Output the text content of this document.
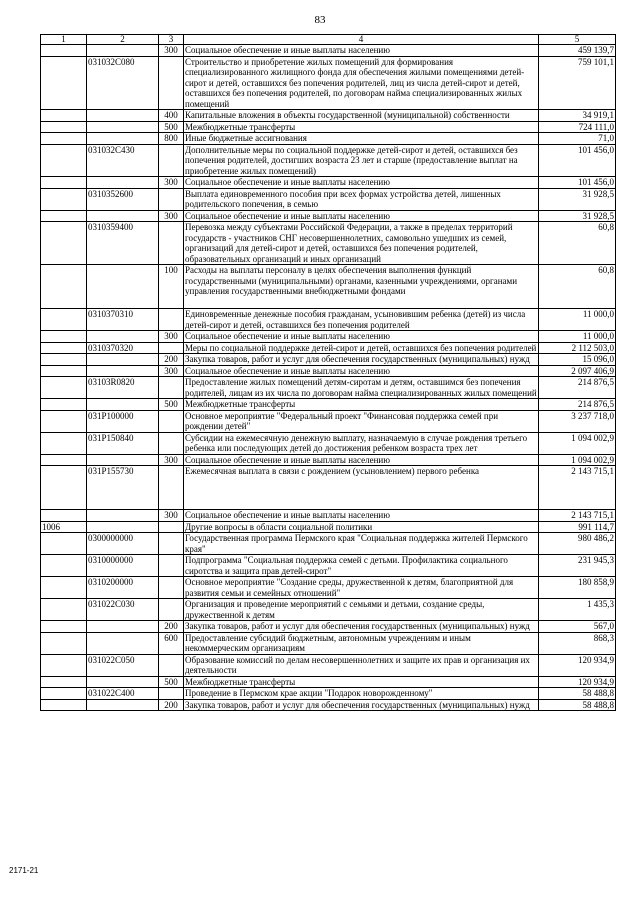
83
1	2	3	4	5
		300	Социальное обеспечение и иные выплаты населению	459 139,7
	031032С080		Строительство и приобретение жилых помещений для формирования специализированного жилищного фонда для обеспечения жилыми помещениями детей-сирот и детей, оставшихся без попечения родителей, лиц из числа детей-сирот и детей, оставшихся без попечения родителей, по договорам найма специализированных жилых помещений	759 101,1
		400	Капитальные вложения в объекты государственной (муниципальной) собственности	34 919,1
		500	Межбюджетные трансферты	724 111,0
		800	Иные бюджетные ассигнования	71,0
	031032С430		Дополнительные меры по социальной поддержке детей-сирот и детей, оставшихся без попечения родителей, достигших возраста 23 лет и старше (предоставление выплат на приобретение жилых помещений)	101 456,0
		300	Социальное обеспечение и иные выплаты населению	101 456,0
	0310352600		Выплата единовременного пособия при всех формах устройства детей, лишенных родительского попечения, в семью	31 928,5
		300	Социальное обеспечение и иные выплаты населению	31 928,5
	0310359400		Перевозка между субъектами Российской Федерации, а также в пределах территорий государств - участников СНГ несовершеннолетних, самовольно ушедших из семей, организаций для детей-сирот и детей, оставшихся без попечения родителей, образовательных организаций и иных организаций	60,8
		100	Расходы на выплаты персоналу в целях обеспечения выполнения функций государственными (муниципальными) органами, казенными учреждениями, органами управления государственными внебюджетными фондами	60,8
	0310370310		Единовременные денежные пособия гражданам, усыновившим ребенка (детей) из числа детей-сирот и детей, оставшихся без попечения родителей	11 000,0
		300	Социальное обеспечение и иные выплаты населению	11 000,0
	0310370320		Меры по социальной поддержке детей-сирот и детей, оставшихся без попечения родителей	2 112 503,0
		200	Закупка товаров, работ и услуг для обеспечения государственных (муниципальных) нужд	15 096,0
		300	Социальное обеспечение и иные выплаты населению	2 097 406,9
	03103R0820		Предоставление жилых помещений детям-сиротам и детям, оставшимся без попечения родителей, лицам из их числа по договорам найма специализированных жилых помещений	214 876,5
		500	Межбюджетные трансферты	214 876,5
	031Р100000		Основное мероприятие "Федеральный проект "Финансовая поддержка семей при рождении детей"	3 237 718,0
	031Р150840		Субсидии на ежемесячную денежную выплату, назначаемую в случае рождения третьего ребенка или последующих детей до достижения ребенком возраста трех лет	1 094 002,9
		300	Социальное обеспечение и иные выплаты населению	1 094 002,9
	031Р155730		Ежемесячная выплата в связи с рождением (усыновлением) первого ребенка	2 143 715,1
		300	Социальное обеспечение и иные выплаты населению	2 143 715,1
1006			Другие вопросы в области социальной политики	991 114,7
	0300000000		Государственная программа Пермского края "Социальная поддержка жителей Пермского края"	980 486,2
	0310000000		Подпрограмма "Социальная поддержка семей с детьми. Профилактика социального сиротства и защита прав детей-сирот"	231 945,3
	0310200000		Основное мероприятие "Создание среды, дружественной к детям, благоприятной для развития семьи и семейных отношений"	180 858,9
	031022С030		Организация и проведение мероприятий с семьями и детьми, создание среды, дружественной к детям	1 435,3
		200	Закупка товаров, работ и услуг для обеспечения государственных (муниципальных) нужд	567,0
		600	Предоставление субсидий бюджетным, автономным учреждениям и иным некоммерческим организациям	868,3
	031022С050		Образование комиссий по делам несовершеннолетних и защите их прав и организация их деятельности	120 934,9
		500	Межбюджетные трансферты	120 934,9
	031022С400		Проведение в Пермском крае акции "Подарок новорожденному"	58 488,8
		200	Закупка товаров, работ и услуг для обеспечения государственных (муниципальных) нужд	58 488,8
2171-21
